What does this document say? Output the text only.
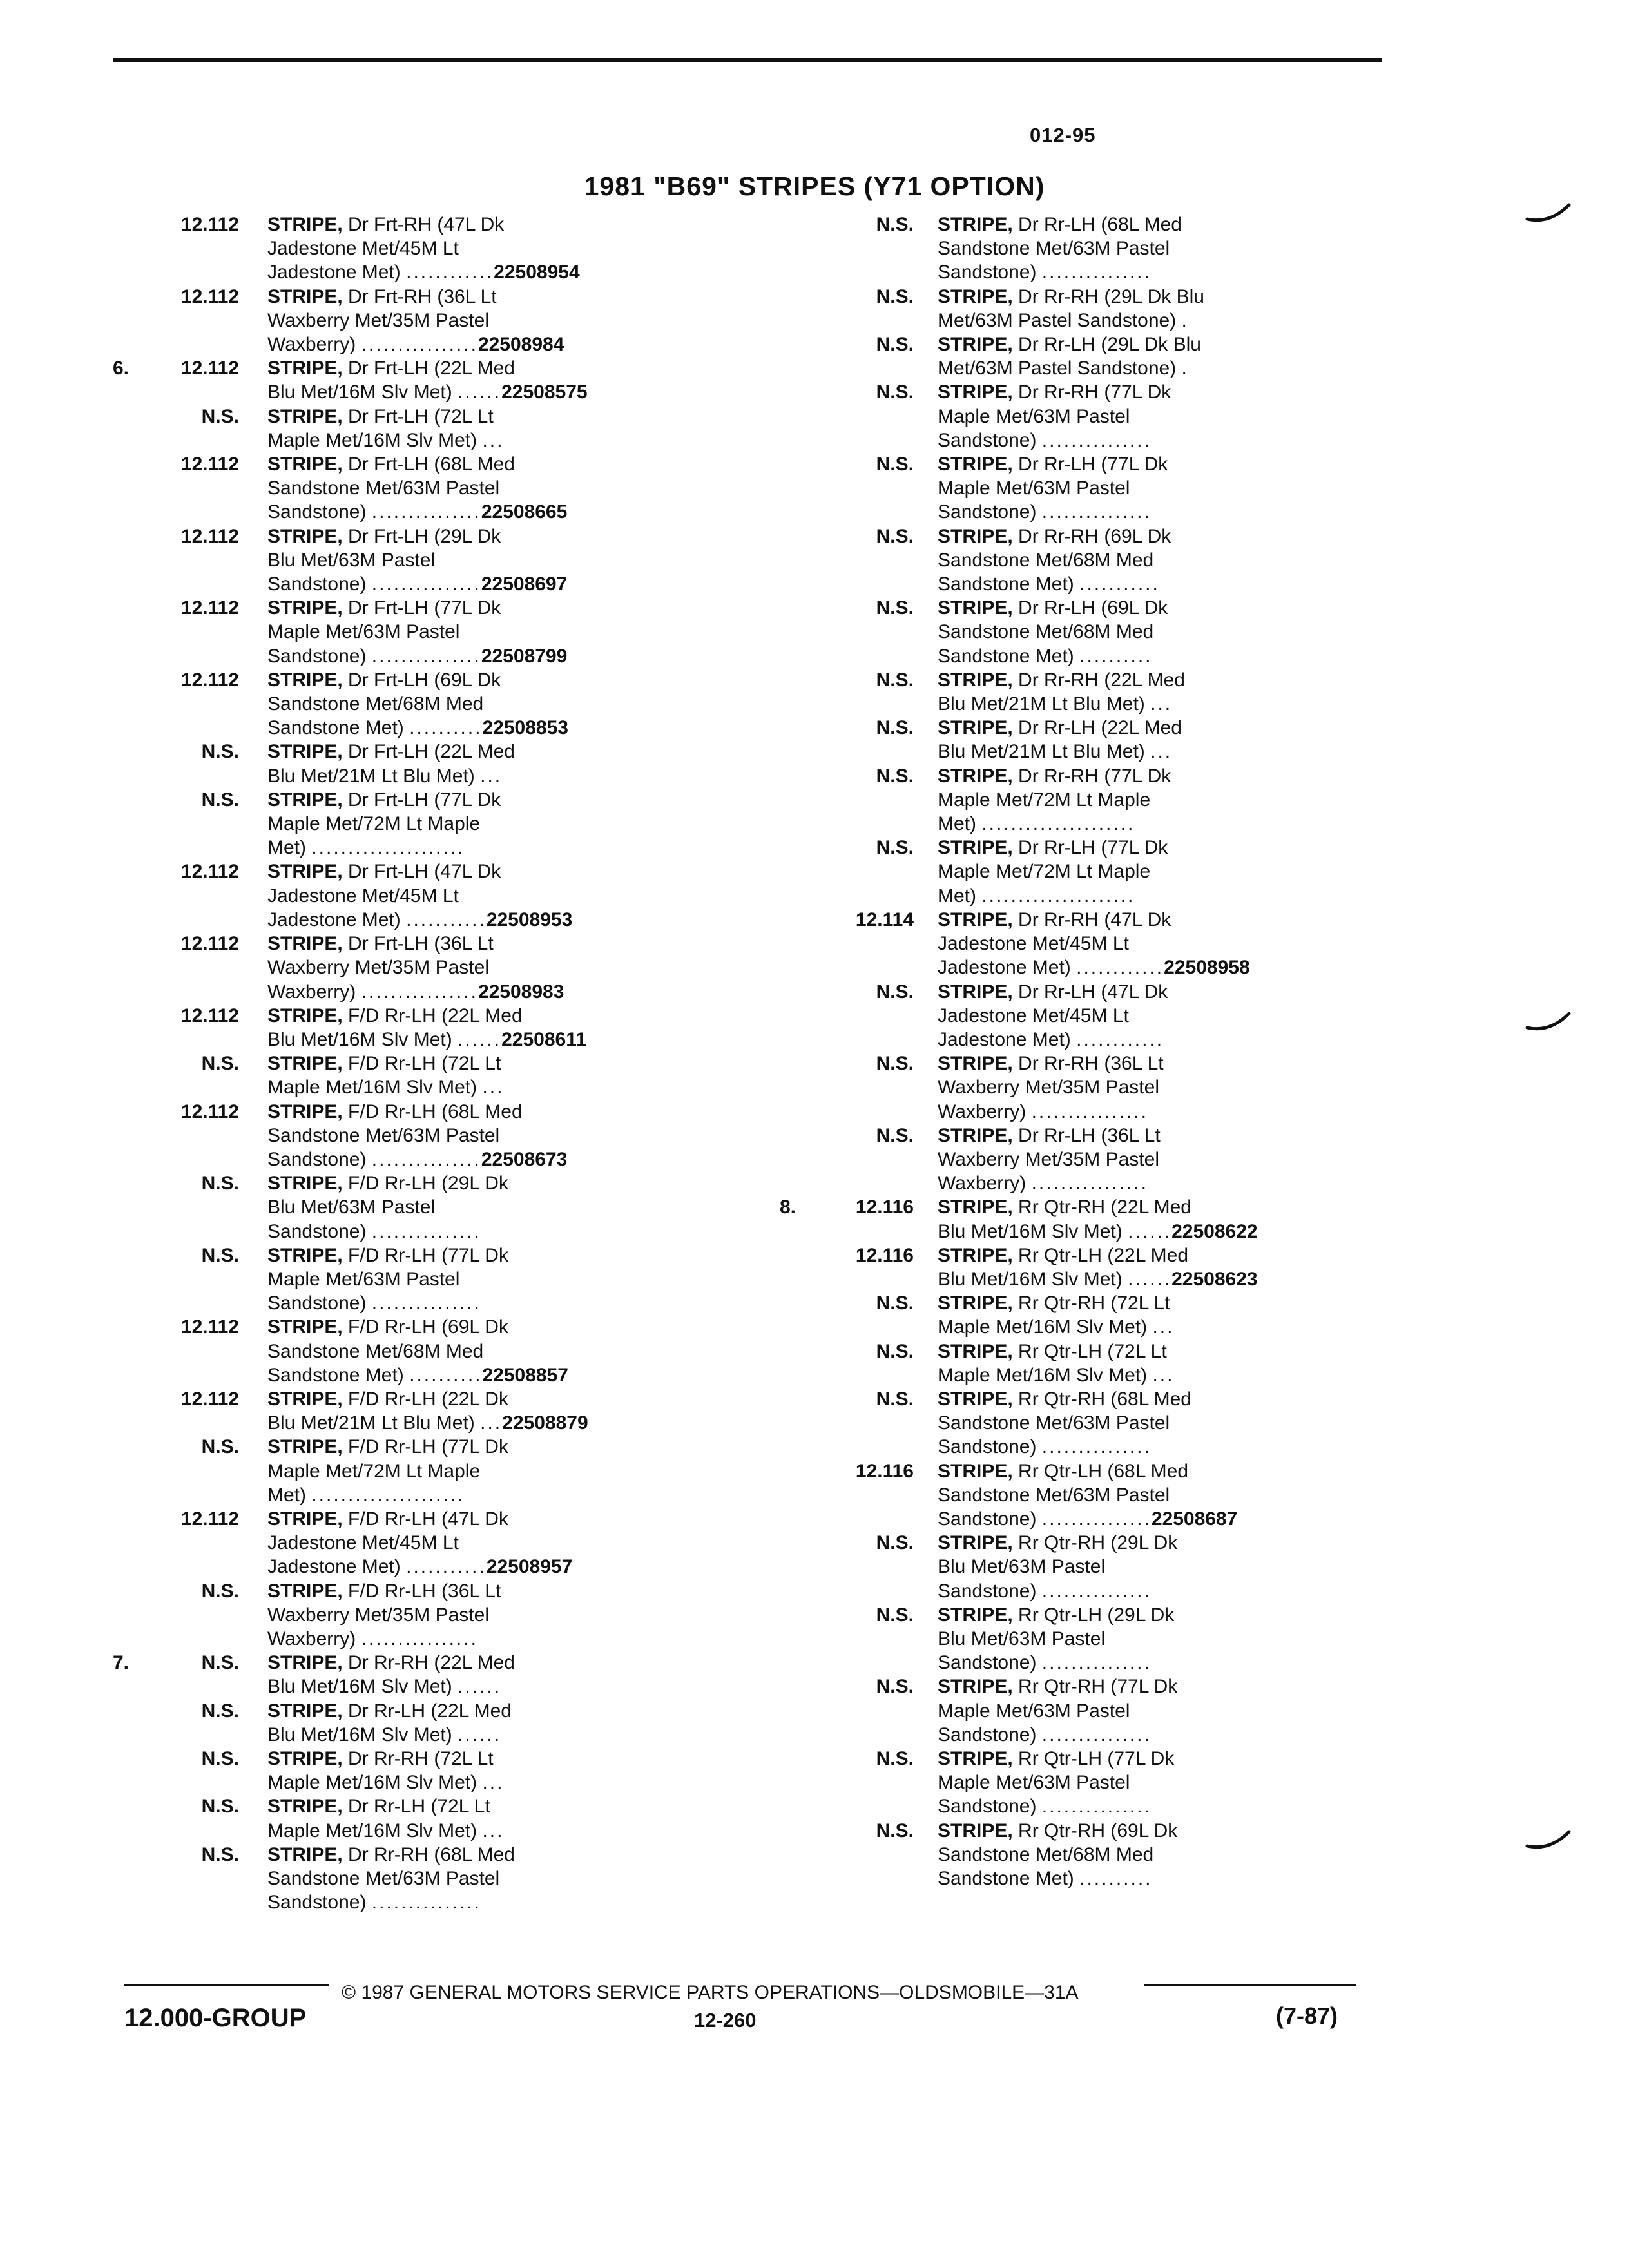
012-95
1981 "B69" STRIPES (Y71 OPTION)
12.112 STRIPE, Dr Frt-RH (47L Dk
Jadestone Met/45M Lt
Jadestone Met) ............22508954
12.112 STRIPE, Dr Frt-RH (36L Lt
Waxberry Met/35M Pastel
Waxberry) ................22508984
6.	12.112 STRIPE, Dr Frt-LH (22L Med
Blu Met/16M Slv Met) ......22508575
N.S. STRIPE, Dr Frt-LH (72L Lt
Maple Met/16M Slv Met) ...
12.112 STRIPE, Dr Frt-LH (68L Med
Sandstone Met/63M Pastel
Sandstone) ...............22508665
12.112 STRIPE, Dr Frt-LH (29L Dk
Blu Met/63M Pastel
Sandstone) ...............22508697
12.112 STRIPE, Dr Frt-LH (77L Dk
Maple Met/63M Pastel
Sandstone) ...............22508799
12.112 STRIPE, Dr Frt-LH (69L Dk
Sandstone Met/68M Med
Sandstone Met) ..........22508853
N.S. STRIPE, Dr Frt-LH (22L Med
Blu Met/21M Lt Blu Met) ...
N.S. STRIPE, Dr Frt-LH (77L Dk
Maple Met/72M Lt Maple
Met) .....................
12.112 STRIPE, Dr Frt-LH (47L Dk
Jadestone Met/45M Lt
Jadestone Met) ...........22508953
12.112 STRIPE, Dr Frt-LH (36L Lt
Waxberry Met/35M Pastel
Waxberry) ................22508983
12.112 STRIPE, F/D Rr-LH (22L Med
Blu Met/16M Slv Met) ......22508611
N.S. STRIPE, F/D Rr-LH (72L Lt
Maple Met/16M Slv Met) ...
12.112 STRIPE, F/D Rr-LH (68L Med
Sandstone Met/63M Pastel
Sandstone) ...............22508673
N.S. STRIPE, F/D Rr-LH (29L Dk
Blu Met/63M Pastel
Sandstone) ...............
N.S. STRIPE, F/D Rr-LH (77L Dk
Maple Met/63M Pastel
Sandstone) ...............
12.112 STRIPE, F/D Rr-LH (69L Dk
Sandstone Met/68M Med
Sandstone Met) ..........22508857
12.112 STRIPE, F/D Rr-LH (22L Dk
Blu Met/21M Lt Blu Met) ...22508879
N.S. STRIPE, F/D Rr-LH (77L Dk
Maple Met/72M Lt Maple
Met) .....................
12.112 STRIPE, F/D Rr-LH (47L Dk
Jadestone Met/45M Lt
Jadestone Met) ...........22508957
N.S. STRIPE, F/D Rr-LH (36L Lt
Waxberry Met/35M Pastel
Waxberry) ................
7.	N.S. STRIPE, Dr Rr-RH (22L Med
Blu Met/16M Slv Met) ......
N.S. STRIPE, Dr Rr-LH (22L Med
Blu Met/16M Slv Met) ......
N.S. STRIPE, Dr Rr-RH (72L Lt
Maple Met/16M Slv Met) ...
N.S. STRIPE, Dr Rr-LH (72L Lt
Maple Met/16M Slv Met) ...
N.S. STRIPE, Dr Rr-RH (68L Med
Sandstone Met/63M Pastel
Sandstone) ...............
N.S. STRIPE, Dr Rr-LH (68L Med
Sandstone Met/63M Pastel
Sandstone) ...............
N.S. STRIPE, Dr Rr-RH (29L Dk Blu
Met/63M Pastel Sandstone) .
N.S. STRIPE, Dr Rr-LH (29L Dk Blu
Met/63M Pastel Sandstone) .
N.S. STRIPE, Dr Rr-RH (77L Dk
Maple Met/63M Pastel
Sandstone) ...............
N.S. STRIPE, Dr Rr-LH (77L Dk
Maple Met/63M Pastel
Sandstone) ...............
N.S. STRIPE, Dr Rr-RH (69L Dk
Sandstone Met/68M Med
Sandstone Met) ...........
N.S. STRIPE, Dr Rr-LH (69L Dk
Sandstone Met/68M Med
Sandstone Met) ..........
N.S. STRIPE, Dr Rr-RH (22L Med
Blu Met/21M Lt Blu Met) ...
N.S. STRIPE, Dr Rr-LH (22L Med
Blu Met/21M Lt Blu Met) ...
N.S. STRIPE, Dr Rr-RH (77L Dk
Maple Met/72M Lt Maple
Met) .....................
N.S. STRIPE, Dr Rr-LH (77L Dk
Maple Met/72M Lt Maple
Met) .....................
12.114 STRIPE, Dr Rr-RH (47L Dk
Jadestone Met/45M Lt
Jadestone Met) ............22508958
N.S. STRIPE, Dr Rr-LH (47L Dk
Jadestone Met/45M Lt
Jadestone Met) ............
N.S. STRIPE, Dr Rr-RH (36L Lt
Waxberry Met/35M Pastel
Waxberry) ................
N.S. STRIPE, Dr Rr-LH (36L Lt
Waxberry Met/35M Pastel
Waxberry) ................
8.	12.116 STRIPE, Rr Qtr-RH (22L Med
Blu Met/16M Slv Met) ......22508622
12.116 STRIPE, Rr Qtr-LH (22L Med
Blu Met/16M Slv Met) ......22508623
N.S. STRIPE, Rr Qtr-RH (72L Lt
Maple Met/16M Slv Met) ...
N.S. STRIPE, Rr Qtr-LH (72L Lt
Maple Met/16M Slv Met) ...
N.S. STRIPE, Rr Qtr-RH (68L Med
Sandstone Met/63M Pastel
Sandstone) ...............
12.116 STRIPE, Rr Qtr-LH (68L Med
Sandstone Met/63M Pastel
Sandstone) ...............22508687
N.S. STRIPE, Rr Qtr-RH (29L Dk
Blu Met/63M Pastel
Sandstone) ...............
N.S. STRIPE, Rr Qtr-LH (29L Dk
Blu Met/63M Pastel
Sandstone) ...............
N.S. STRIPE, Rr Qtr-RH (77L Dk
Maple Met/63M Pastel
Sandstone) ...............
N.S. STRIPE, Rr Qtr-LH (77L Dk
Maple Met/63M Pastel
Sandstone) ...............
N.S. STRIPE, Rr Qtr-RH (69L Dk
Sandstone Met/68M Med
Sandstone Met) ..........
© 1987 GENERAL MOTORS SERVICE PARTS OPERATIONS—OLDSMOBILE—31A
12.000-GROUP	12-260	(7-87)
